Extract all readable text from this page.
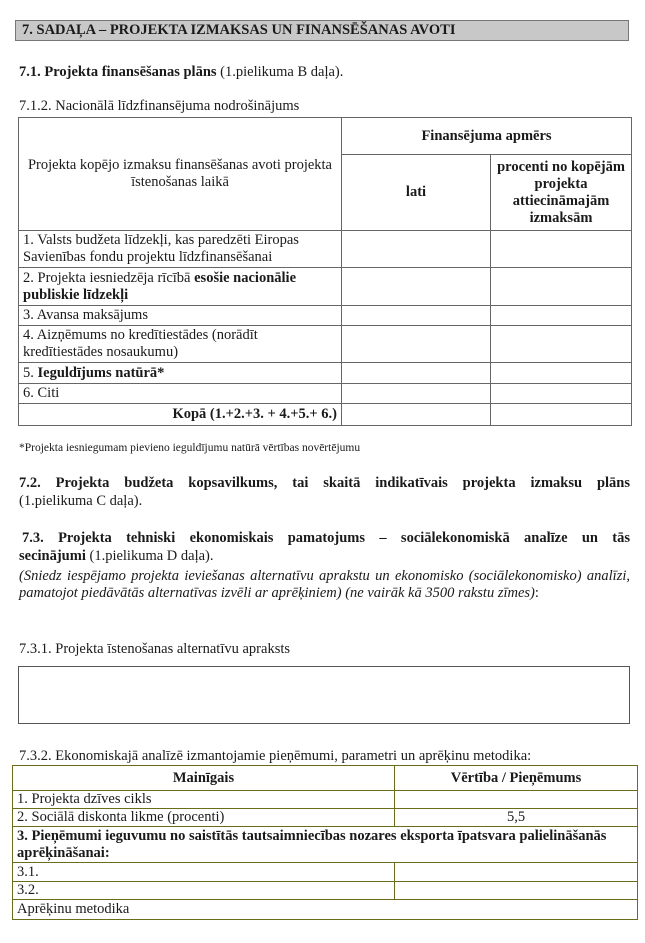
7. SADAĻA – PROJEKTA IZMAKSAS UN FINANSĒŠANAS AVOTI
7.1. Projekta finansēšanas plāns (1.pielikuma B daļa).
7.1.2. Nacionālā līdzfinansējuma nodrošinājums
Projekta kopējo izmaksu finansēšanas avoti projekta īstenošanas laikā	Finansējuma apmērs	
	lati	procenti no kopējām projekta attiecināmajām izmaksām
1. Valsts budžeta līdzekļi, kas paredzēti Eiropas Savienības fondu projektu līdzfinansēšanai		
2. Projekta iesniedzēja rīcībā esošie nacionālie publiskie līdzekļi		
3. Avansa maksājums		
4. Aizņēmums no kredītiestādes (norādīt kredītiestādes nosaukumu)		
5. Ieguldījums natūrā*		
6. Citi		
Kopā (1.+2.+3. + 4.+5.+ 6.)		
*Projekta iesniegumam pievieno ieguldījumu natūrā vērtības novērtējumu
7.2. Projekta budžeta kopsavilkums, tai skaitā indikatīvais projekta izmaksu plāns
(1.pielikuma C daļa).
7.3. Projekta tehniski ekonomiskais pamatojums – sociālekonomiskā analīze un tās
secinājumi (1.pielikuma D daļa).
(Sniedz iespējamo projekta ieviešanas alternatīvu aprakstu un ekonomisko (sociālekonomisko) analīzi, pamatojot piedāvātās alternatīvas izvēli ar aprēķiniem) (ne vairāk kā 3500 rakstu zīmes):
7.3.1. Projekta īstenošanas alternatīvu apraksts
7.3.2. Ekonomiskajā analīzē izmantojamie pieņēmumi, parametri un aprēķinu metodika:
Mainīgais	Vērtība / Pieņēmums
1. Projekta dzīves cikls	
2. Sociālā diskonta likme (procenti)	5,5
3. Pieņēmumi ieguvumu no saistītās tautsaimniecības nozares eksporta īpatsvara palielināšanās aprēķināšanai:	
3.1.	
3.2.	
Aprēķinu metodika	
